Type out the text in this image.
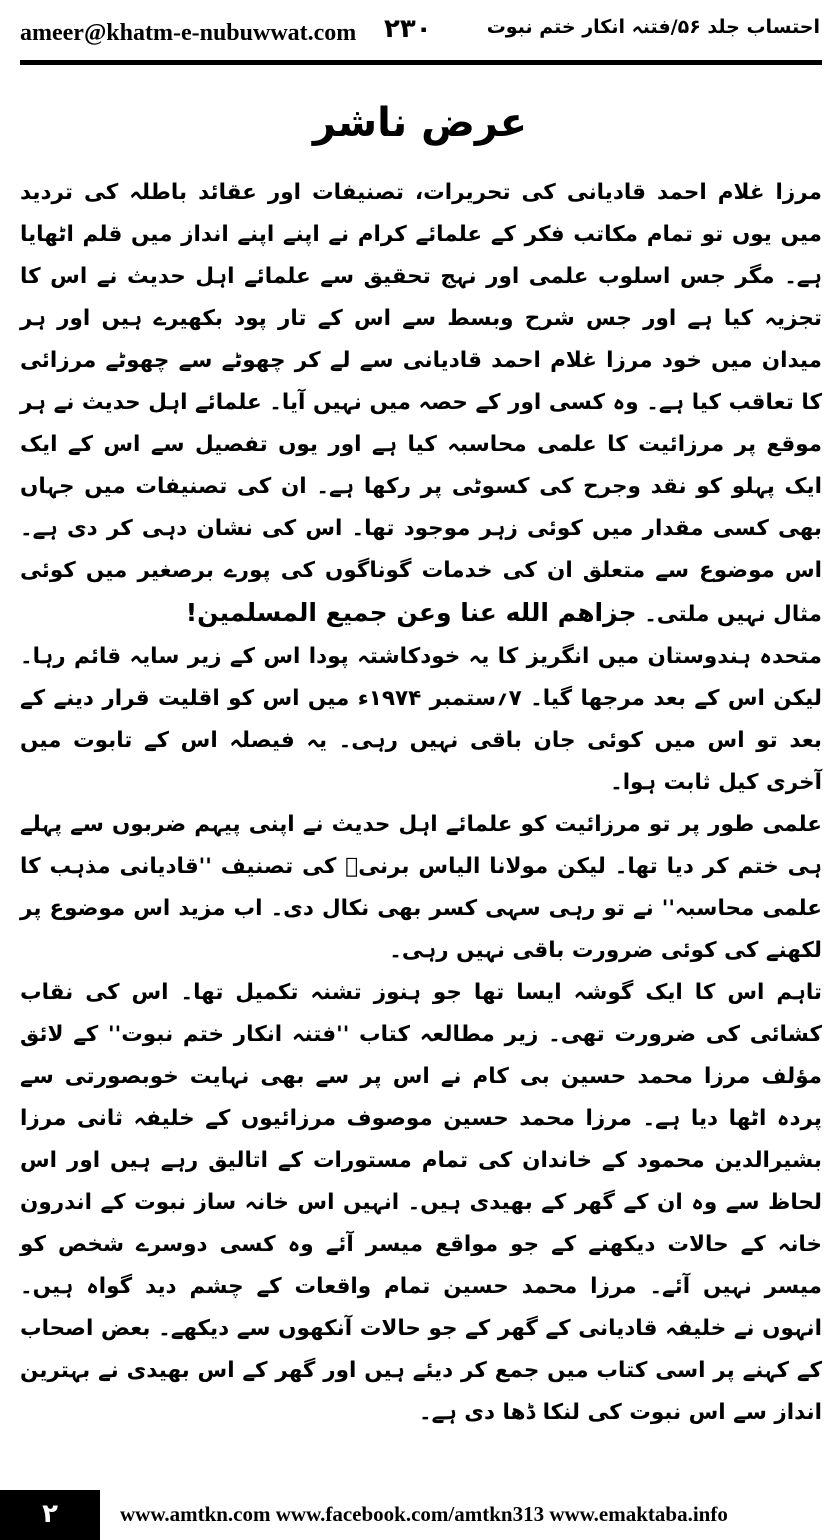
ameer@khatm-e-nubuwwat.com ۲۳۰	احتساب جلد ۵۶/فتنہ انکار ختم نبوت
عرض ناشر

مرزا غلام احمد قادیانی کی تحریرات، تصنیفات اور عقائد باطلہ کی تردید میں یوں تو تمام مکاتب فکر کے علمائے کرام نے اپنے اپنے انداز میں قلم اٹھایا ہے۔ مگر جس اسلوب علمی اور نہج تحقیق سے علمائے اہل حدیث نے اس کا تجزیہ کیا ہے اور جس شرح وبسط سے اس کے تار پود بکھیرے ہیں اور ہر میدان میں خود مرزا غلام احمد قادیانی سے لے کر چھوٹے سے چھوٹے مرزائی کا تعاقب کیا ہے۔ وہ کسی اور کے حصہ میں نہیں آیا۔ علمائے اہل حدیث نے ہر موقع پر مرزائیت کا علمی محاسبہ کیا ہے اور یوں تفصیل سے اس کے ایک ایک پہلو کو نقد وجرح کی کسوٹی پر رکھا ہے۔ ان کی تصنیفات میں جہاں بھی کسی مقدار میں کوئی زہر موجود تھا۔ اس کی نشان دہی کر دی ہے۔ اس موضوع سے متعلق ان کی خدمات گوناگوں کی پورے برصغیر میں کوئی مثال نہیں ملتی۔ جزاهم الله عنا وعن جميع المسلمين!

متحدہ ہندوستان میں انگریز کا یہ خودکاشتہ پودا اس کے زیر سایہ قائم رہا۔ لیکن اس کے بعد مرجھا گیا۔ ۷؍ستمبر ۱۹۷۴ء میں اس کو اقلیت قرار دینے کے بعد تو اس میں کوئی جان باقی نہیں رہی۔ یہ فیصلہ اس کے تابوت میں آخری کیل ثابت ہوا۔

علمی طور پر تو مرزائیت کو علمائے اہل حدیث نے اپنی پیہم ضربوں سے پہلے ہی ختم کر دیا تھا۔ لیکن مولانا الیاس برنیؒ کی تصنیف ''قادیانی مذہب کا علمی محاسبہ'' نے تو رہی سہی کسر بھی نکال دی۔ اب مزید اس موضوع پر لکھنے کی کوئی ضرورت باقی نہیں رہی۔

تاہم اس کا ایک گوشہ ایسا تھا جو ہنوز تشنہ تکمیل تھا۔ اس کی نقاب کشائی کی ضرورت تھی۔ زیر مطالعہ کتاب ''فتنہ انکار ختم نبوت'' کے لائق مؤلف مرزا محمد حسین بی کام نے اس پر سے بھی نہایت خوبصورتی سے پردہ اٹھا دیا ہے۔ مرزا محمد حسین موصوف مرزائیوں کے خلیفہ ثانی مرزا بشیرالدین محمود کے خاندان کی تمام مستورات کے اتالیق رہے ہیں اور اس لحاظ سے وہ ان کے گھر کے بھیدی ہیں۔ انہیں اس خانہ ساز نبوت کے اندرون خانہ کے حالات دیکھنے کے جو مواقع میسر آئے وہ کسی دوسرے شخص کو میسر نہیں آئے۔ مرزا محمد حسین تمام واقعات کے چشم دید گواہ ہیں۔ انہوں نے خلیفہ قادیانی کے گھر کے جو حالات آنکھوں سے دیکھے۔ بعض اصحاب کے کہنے پر اسی کتاب میں جمع کر دیئے ہیں اور گھر کے اس بھیدی نے بہترین انداز سے اس نبوت کی لنکا ڈھا دی ہے۔

۲	www.amtkn.com www.facebook.com/amtkn313 www.emaktaba.info
